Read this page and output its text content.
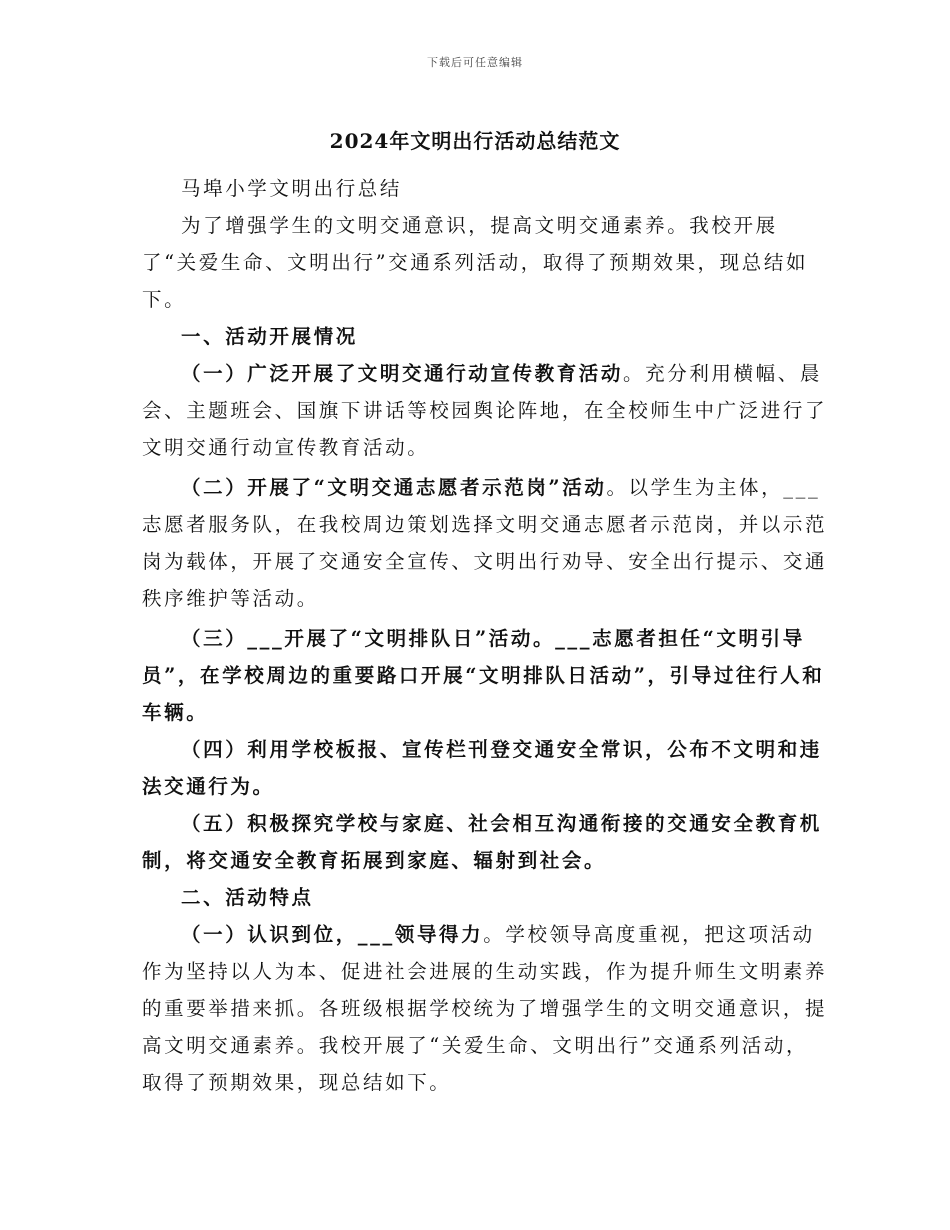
下载后可任意编辑
2024年文明出行活动总结范文

马埠小学文明出行总结

为了增强学生的文明交通意识，提高文明交通素养。我校开展了“关爱生命、文明出行”交通系列活动，取得了预期效果，现总结如下。

一、活动开展情况

（一）广泛开展了文明交通行动宣传教育活动。充分利用横幅、晨会、主题班会、国旗下讲话等校园舆论阵地，在全校师生中广泛进行了文明交通行动宣传教育活动。

（二）开展了“文明交通志愿者示范岗”活动。以学生为主体，___志愿者服务队，在我校周边策划选择文明交通志愿者示范岗，并以示范岗为载体，开展了交通安全宣传、文明出行劝导、安全出行提示、交通秩序维护等活动。

（三）___开展了“文明排队日”活动。___志愿者担任“文明引导员”，在学校周边的重要路口开展“文明排队日活动”，引导过往行人和车辆。

（四）利用学校板报、宣传栏刊登交通安全常识，公布不文明和违法交通行为。

（五）积极探究学校与家庭、社会相互沟通衔接的交通安全教育机制，将交通安全教育拓展到家庭、辐射到社会。

二、活动特点

（一）认识到位，___领导得力。学校领导高度重视，把这项活动作为坚持以人为本、促进社会进展的生动实践，作为提升师生文明素养的重要举措来抓。各班级根据学校统为了增强学生的文明交通意识，提高文明交通素养。我校开展了“关爱生命、文明出行”交通系列活动，取得了预期效果，现总结如下。
